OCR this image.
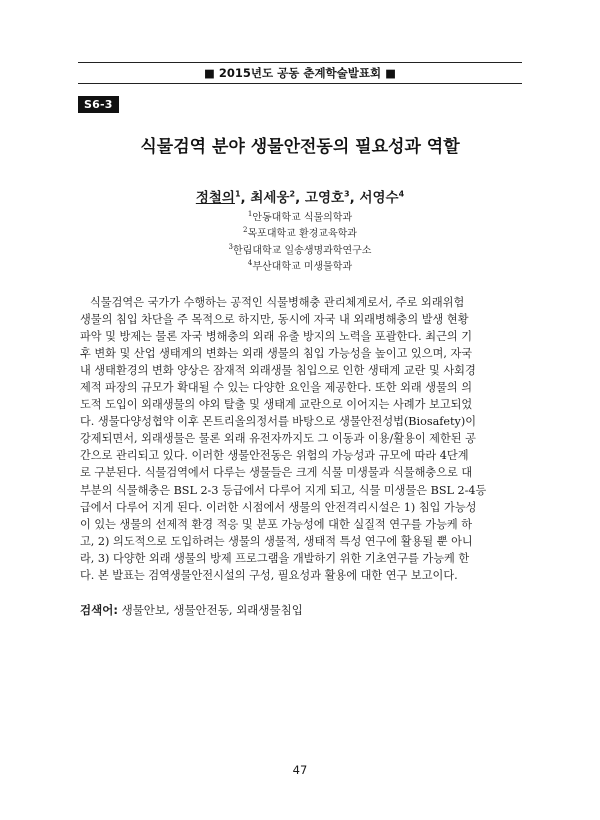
■ 2015년도 공동 춘계학술발표회 ■
S6-3
식물검역 분야 생물안전동의 필요성과 역할
정철의$^1$, 최세웅$^2$, 고영호$^3$, 서영수$^4$
$^1$안동대학교 식물의학과
$^2$목포대학교 환경교육학과
$^3$한림대학교 일송생명과학연구소
$^4$부산대학교 미생물학과
식물검역은 국가가 수행하는 공적인 식물병해충 관리체계로서, 주로 외래위험
생물의 침입 차단을 주 목적으로 하지만, 동시에 자국 내 외래병해충의 발생 현황
파악 및 방제는 물론 자국 병해충의 외래 유출 방지의 노력을 포괄한다. 최근의 기
후 변화 및 산업 생태계의 변화는 외래 생물의 침입 가능성을 높이고 있으며, 자국
내 생태환경의 변화 양상은 잠재적 외래생물 침입으로 인한 생태계 교란 및 사회경
제적 파장의 규모가 확대될 수 있는 다양한 요인을 제공한다. 또한 외래 생물의 의
도적 도입이 외래생물의 야외 탈출 및 생태계 교란으로 이어지는 사례가 보고되었
다. 생물다양성협약 이후 몬트리올의정서를 바탕으로 생물안전성법(Biosafety)이
강제되면서, 외래생물은 물론 외래 유전자까지도 그 이동과 이용/활용이 제한된 공
간으로 관리되고 있다. 이러한 생물안전동은 위험의 가능성과 규모에 따라 4단계
로 구분된다. 식물검역에서 다루는 생물들은 크게 식물 미생물과 식물해충으로 대
부분의 식물해충은 BSL 2-3 등급에서 다루어 지게 되고, 식물 미생물은 BSL 2-4등
급에서 다루어 지게 된다. 이러한 시점에서 생물의 안전격리시설은 1) 침입 가능성
이 있는 생물의 선제적 환경 적응 및 분포 가능성에 대한 실질적 연구를 가능케 하
고, 2) 의도적으로 도입하려는 생물의 생물적, 생태적 특성 연구에 활용될 뿐 아니
라, 3) 다양한 외래 생물의 방제 프로그램을 개발하기 위한 기초연구를 가능케 한
다. 본 발표는 검역생물안전시설의 구성, 필요성과 활용에 대한 연구 보고이다.
검색어: 생물안보, 생물안전동, 외래생물침입
47
